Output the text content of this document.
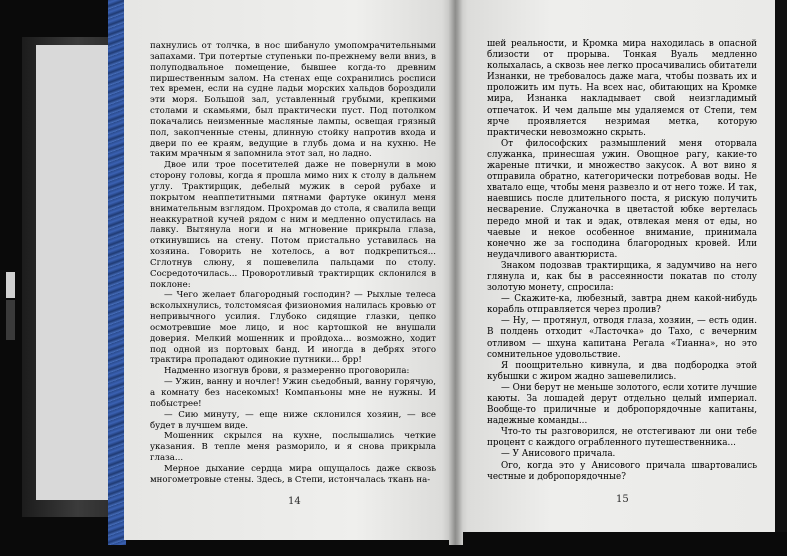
пахнулись от толчка, в нос шибанулo умопомрачительными запахами. Три потертые ступеньки по-прежнему вели вниз, в полуподвальное помещение, бывшее когда-то древним пиршественным залом. На стенах еще сохранились росписи тех времен, если на судне ладьи морских хальдов бороздили эти моря. Большой зал, уставленный грубыми, крепкими столами и скамьями, был практически пуст. Под потолком покачались неизменные масляные лампы, освещая грязный пол, закопченные стены, длинную стойку напротив входа и двери по ее краям, ведущие в глубь дома и на кухню. Не таким мрачным я запомнила этот зал, но ладно.

Двое или трое посетителей даже не повернули в мою сторону головы, когда я прошла мимо них к столу в дальнем углу. Трактирщик, дебелый мужик в серой рубахе и покрытом неаппетитными пятнами фартуке окинул меня внимательным взглядом. Прохромав до стола, я свалила вещи неаккуратной кучей рядом с ним и медленно опустилась на лавку. Вытянула ноги и на мгновение прикрыла глаза, откинувшись на стену. Потом пристально уставилась на хозяина. Говорить не хотелось, а вот подкрепиться... Сглотнув слюну, я пошевелила пальцами по столу. Сосредоточилась... Проворотливый трактирщик склонился в поклоне:

— Чего желает благородный господин? — Рыхлые телеса всколыхнулись, толстомясая физиономия налилась кровью от непривычного усилия. Глубоко сидящие глазки, цепко осмотревшие мое лицо, и нос картошкой не внушали доверия. Мелкий мошенник и пройдоха... возможно, ходит под одной из портовых банд. И иногда в дебрях этого трактира пропадают одинокие путники... брр!

Надменно изогнув брови, я размеренно проговорила:

— Ужин, ванну и ночлег! Ужин сьедобный, ванну горячую, а комнату без насекомых! Компаньоны мне не нужны. И побыстрее!

— Сию минуту, — еще ниже склонился хозяин, — все будет в лучшем виде.

Мошенник скрылся на кухне, послышались четкие указания. В тепле меня разморило, и я снова прикрыла глаза...

Мерное дыхание сердца мира ощущалось даже сквозь многометровые стены. Здесь, в Степи, истончалась ткань на-

14

шей реальности, и Кромка мира находилась в опасной близости от прорыва. Тонкая Вуаль медленно колыхалась, а сквозь нее легко просачивались обитатели Изнанки, не требовалось даже мага, чтобы позвать их и проложить им путь. На всех нас, обитающих на Кромке мира, Изнанка накладывает свой неизгладимый отпечаток. И чем дальше мы удаляемся от Степи, тем ярче проявляется незримая метка, которую практически невозможно скрыть.

От философских размышлений меня оторвала служанка, принесшая ужин. Овощное рагу, какие-то жареные птички, и множество закусок. А вот вино я отправила обратно, категорически потребовав воды. Не хватало еще, чтобы меня развезло и от него тоже. И так, наевшись после длительного поста, я рискую получить несварение. Служаночка в цветастой юбке вертелась передо мной и так и эдак, отвлекая меня от еды, но чаевые и некое особенное внимание, принимала конечно же за господина благородных кровей. Или неудачливого авантюриста.

Знаком подозвав трактирщика, я задумчиво на него глянула и, как бы в рассеянности покатав по столу золотую монету, спросила:

— Скажите-ка, любезный, завтра днем какой-нибудь корабль отправляется через пролив?

— Ну, — протянул, отводя глаза, хозяин, — есть один. В полдень отходит «Ласточка» до Тахо, с вечерним отливом — шхуна капитана Регала «Тианна», но это сомнительное удовольствие.

Я поощрительно кивнула, и два подбородка этой кубышки с жиром жадно зашевелились.

— Они берут не меньше золотого, если хотите лучшие каюты. За лошадей дерут отдельно целый империал. Вообще-то приличные и добропорядочные капитаны, надежные команды...

Что-то ты разговорился, не отстегивают ли они тебе процент с каждого ограбленного путешественника...

— У Анисового причала.

Ого, когда это у Анисового причала швартовались честные и добропорядочные?

15
